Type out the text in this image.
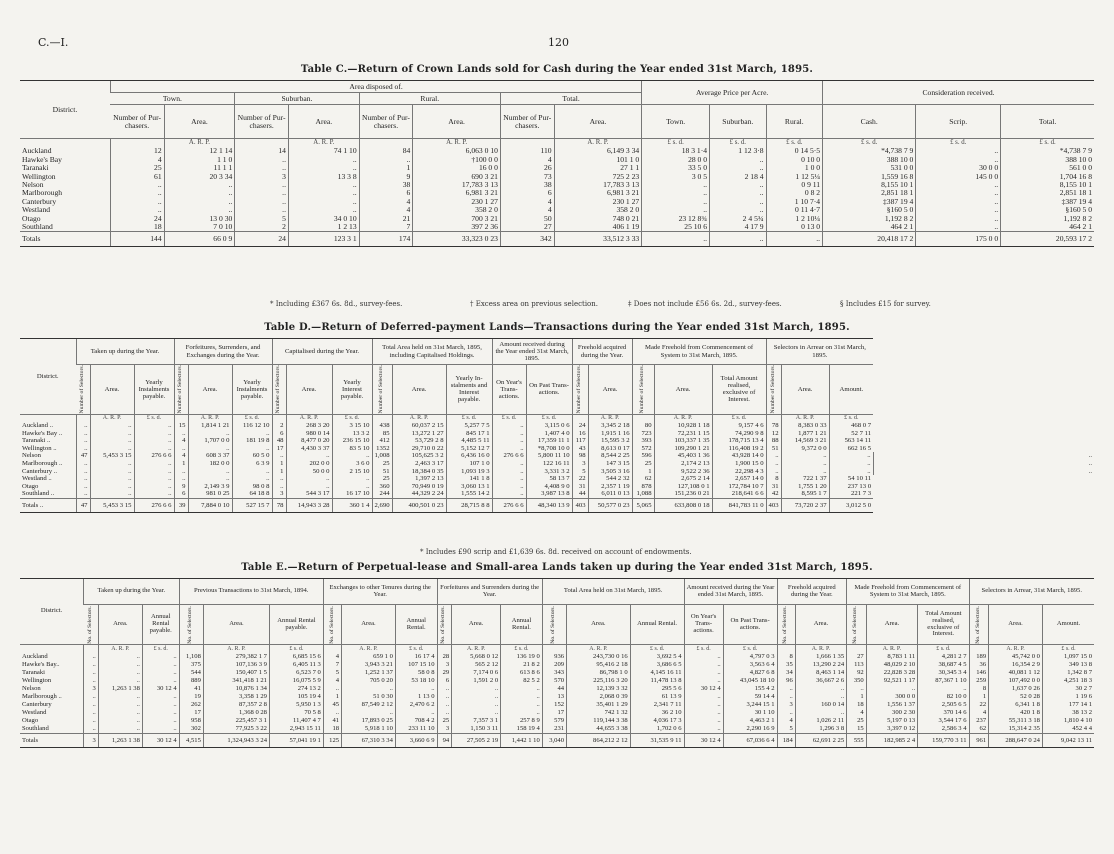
C.—I.	120
Table C.—Return of Crown Lands sold for Cash during the Year ended 31st March, 1895.
District.	Area disposed of.								Average Price per Acre.			Consideration received.		
	Town.		Suburban.		Rural.		Total.							
	Number of Pur-chasers.	Area.	Number of Pur-chasers.	Area.	Number of Pur-chasers.	Area.	Number of Pur-chasers.	Area.	Town.	Suburban.	Rural.	Cash.	Scrip.	Total.
		A. R. P.		A. R. P.		A. R. P.		A. R. P.	£ s. d.	£ s. d.	£ s. d.	£ s. d.	£ s. d.	£ s. d.
Auckland	12	12 1 14	14	74 1 10	84	6,063 0 10	110	6,149 3 34	18 3 1·4	1 12 3·8	0 14 5·5	*4,738 7 9	..	*4,738 7 9
Hawke's Bay	4	1 1 0	..	..	..	†100 0 0	4	101 1 0	28 0 0	..	0 10 0	388 10 0	..	388 10 0
Taranaki	25	11 1 1	..	..	1	16 0 0	26	27 1 1	33 5 0	..	1 0 0	531 0 0	30 0 0	561 0 0
Wellington	61	20 3 34	3	13 3 8	9	690 3 21	73	725 2 23	3 0 5	2 18 4	1 12 5¼	1,559 16 8	145 0 0	1,704 16 8
Nelson	..	..	..	..	38	17,783 3 13	38	17,783 3 13	..	..	0 9 11	8,155 10 1	..	8,155 10 1
Marlborough	..	..	..	..	6	6,981 3 21	6	6,981 3 21	..	..	0 8 2	2,851 18 1	..	2,851 18 1
Canterbury	..	..	..	..	4	230 1 27	4	230 1 27	..	..	1 10 7·4	‡387 19 4	..	‡387 19 4
Westland	..	..	..	..	4	358 2 0	4	358 2 0	..	..	0 11 4·7	§160 5 0	..	§160 5 0
Otago	24	13 0 30	5	34 0 10	21	700 3 21	50	748 0 21	23 12 8¾	2 4 5¾	1 2 10¼	1,192 8 2	..	1,192 8 2
Southland	18	7 0 10	2	1 2 13	7	397 2 36	27	406 1 19	25 10 6	4 17 9	0 13 0	464 2 1	..	464 2 1
Totals	144	66 0 9	24	123 3 1	174	33,323 0 23	342	33,512 3 33	..	..	..	20,418 17 2	175 0 0	20,593 17 2
* Including £367 6s. 8d., survey-fees.	† Excess area on previous selection.	‡ Does not include £56 6s. 2d., survey-fees.	§ Includes £15 for survey.
Table D.—Return of Deferred-payment Lands—Transactions during the Year ended 31st March, 1895.
District.	Taken up during the Year.			Forfeitures, Surrenders, and Exchanges during the Year.			Capitalised during the Year.			Total Area held on 31st March, 1895, including Capitalised Holdings.			Amount received during the Year ended 31st March, 1895.		Freehold acquired during the Year.		Made Freehold from Commencement of System to 31st March, 1895.			Selectors in Arrear on 31st March, 1895.			

	Number of Selectors.	Area.	Yearly Instalments payable.	Number of Selectors.	Area.	Yearly Instalments payable.	Number of Selectors.	Area.	Yearly Interest payable.	Number of Selectors.	Area.	Yearly In-stalments and Interest payable.	On Year's Trans-actions.	On Past Trans-actions.	Number of Selectors.	Area.	Number of Selectors.	Area.	Total Amount realised, exclusive of Interest.	Number of Selectors.	Area.	Amount.	
		A. R. P.	£ s. d.		A. R. P.	£ s. d.		A. R. P.	£ s. d.		A. R. P.	£ s. d.	£ s. d.	£ s. d.		A. R. P.		A. R. P.	£ s. d.		A. R. P.	£ s. d.	
Auckland ..	..	..	..	15	1,814 1 21	116 12 10	2	268 3 20	3 15 10	438	60,037 2 15	5,257 7 5	..	3,115 0 6	24	3,345 2 18	80	10,928 1 18	9,157 4 6	78	8,383 0 33	468 0 7	
Hawke's Bay ..	..	..	..	..	..	..	6	980 0 14	13 3 2	85	13,272 1 27	845 17 1	..	1,407 4 0	16	1,915 1 16	723	72,231 1 15	74,290 9 8	12	1,877 1 21	52 7 11	
Taranaki ..	..	..	..	4	1,707 0 0	181 19 8	48	8,477 0 20	236 15 10	412	53,729 2 8	4,485 5 11	..	17,359 11 1	117	15,595 3 2	393	103,337 1 35	178,715 13 4	88	14,569 3 21	563 14 11	
Wellington ..	..	..	..	..	..	..	17	4,430 3 37	83 5 10	1352	29,710 0 22	5,152 12 7	..	*8,708 10 0	43	8,613 0 17	572	109,290 1 21	116,408 19 2	51	9,372 0 0	662 16 5	
Nelson	47	5,453 3 15	276 6 6	4	608 3 37	60 5 0	..	..	..	1,008	105,625 3 2	6,436 16 0	276 6 6	5,800 11 10	98	8,544 2 25	596	45,403 1 36	43,928 14 0	..	..	..	..
Marlborough ..	..	..	..	1	182 0 0	6 3 9	1	202 0 0	3 6 0	25	2,463 3 17	107 1 0	..	122 16 11	3	147 3 15	25	2,174 2 13	1,900 15 0	..	..	..	..
Canterbury ..	..	..	..	..	..	..	1	50 0 0	2 15 10	51	18,384 0 35	1,093 19 3	..	3,331 3 2	5	3,505 3 16	1	9,522 2 36	22,298 4 3	..	..	..	..
Westland ..	..	..	..	..	..	..	..	..	..	25	1,397 2 13	141 1 8	..	58 13 7	22	544 2 32	62	2,675 2 14	2,657 14 0	8	722 1 37	54 10 11	
Otago	..	..	..	9	2,149 3 9	98 0 8	..	..	..	360	70,949 0 19	3,060 13 1	..	4,408 9 0	31	2,357 1 19	878	127,108 0 1	172,784 10 7	31	1,755 1 20	237 13 0	
Southland ..	..	..	..	6	981 0 25	64 18 8	3	544 3 17	16 17 10	244	44,329 2 24	1,555 14 2	..	3,987 13 8	44	6,011 0 13	1,088	151,236 0 21	218,641 6 6	42	8,595 1 7	221 7 3	
Totals ..	47	5,453 3 15	276 6 6	39	7,884 0 10	527 15 7	78	14,943 3 28	360 1 4	2,690	400,501 0 23	28,715 8 8	276 6 6	48,340 13 9	403	50,577 0 23	5,065	633,808 0 18	841,783 11 0	403	73,720 2 37	3,012 5 0	
* Includes £90 scrip and £1,639 6s. 8d. received on account of endowments.
Table E.—Return of Perpetual-lease and Small-area Lands taken up during the Year ended 31st March, 1895.
District.	Taken up during the Year.			Previous Transactions to 31st March, 1894.			Exchanges to other Tenures during the Year.			Forfeitures and Surrenders during the Year.			Total Area held on 31st March, 1895.			Amount received during the Year ended 31st March, 1895.		Freehold acquired during the Year.		Made Freehold from Commencement of System to 31st March, 1895.			Selectors in Arrear, 31st March, 1895.		

	No. of Selectors.	Area.	Annual Rental payable.	No. of Selectors.	Area.	Annual Rental payable.	No. of Selectors.	Area.	Annual Rental.	No. of Selectors.	Area.	Annual Rental.	No. of Selectors.	Area.	Annual Rental.	On Year's Trans-actions.	On Past Trans-actions.	No. of Selectors.	Area.	No. of Selectors.	Area.	Total Amount realised, exclusive of Interest.	No. of Selectors.	Area.	Amount.
		A. R. P.	£ s. d.		A. R. P.	£ s. d.		A. R. P.	£ s. d.		A. R. P.	£ s. d.		A. R. P.	£ s. d.	£ s. d.	£ s. d.		A. R. P.		A. R. P.	£ s. d.		A. R. P.	£ s. d.
Auckland	..	..	..	1,108	279,382 1 7	6,685 15 6	4	659 1 0	16 17 4	28	5,668 0 12	136 19 0	936	243,730 0 16	3,692 5 4	..	4,797 0 3	8	1,666 1 35	27	8,783 1 11	4,281 2 7	189	45,742 0 0	1,097 15 0
Hawke's Bay..	..	..	..	375	107,136 3 9	6,405 11 3	7	3,943 3 21	107 15 10	3	565 2 12	21 8 2	209	95,416 2 18	3,686 6 5	..	3,563 6 4	35	13,290 2 24	113	48,029 2 10	38,687 4 5	36	16,354 2 9	349 13 8
Taranaki	..	..	..	544	150,407 1 5	6,523 7 0	5	1,252 1 37	58 0 8	29	7,174 0 6	613 8 6	343	86,798 1 0	4,145 16 11	..	4,827 6 8	34	8,463 1 14	92	22,828 3 28	30,345 3 4	146	40,081 1 12	1,342 8 7
Wellington	..	..	..	889	341,418 1 21	16,075 5 9	4	705 0 20	53 18 10	6	1,591 2 0	82 5 2	570	225,116 3 20	11,478 13 8	..	43,045 18 10	96	36,667 2 6	350	92,521 1 17	87,367 1 10	259	107,492 0 0	4,251 18 3
Nelson	3	1,263 1 38	30 12 4	41	10,876 1 34	274 13 2	..	..	..	..	..	..	44	12,139 3 32	295 5 6	30 12 4	155 4 2	..	..	..	..	..	8	1,637 0 26	30 2 7
Marlborough ..	..	..	..	19	3,358 1 29	105 19 4	1	51 0 30	1 13 0	..	..	..	13	2,068 0 39	61 13 9	..	59 14 4	..	..	1	300 0 0	82 10 0	1	52 0 28	1 19 6
Canterbury	..	..	..	262	87,357 2 8	5,950 1 3	45	87,549 2 12	2,470 6 2	..	..	..	152	35,401 1 29	2,341 7 11	..	3,244 15 1	3	160 0 14	18	1,556 1 37	2,505 6 5	22	6,341 1 8	177 14 1
Westland	..	..	..	17	1,368 0 28	70 5 8	..	..	..	..	..	..	17	742 1 32	36 2 10	..	30 1 10	..	..	4	300 2 30	370 14 6	4	420 1 8	38 13 2
Otago	..	..	..	958	225,457 3 1	11,407 4 7	41	17,893 0 25	708 4 2	25	7,357 3 1	257 8 9	579	119,144 3 38	4,036 17 3	..	4,463 2 1	4	1,026 2 11	25	5,197 0 13	3,544 17 6	237	55,311 3 18	1,810 4 10
Southland	..	..	..	302	77,925 3 22	2,943 15 11	18	5,918 1 10	233 11 10	3	1,150 3 11	158 19 4	231	44,655 3 38	1,702 0 6	..	2,290 16 9	5	1,296 3 8	15	3,397 0 12	2,586 3 4	62	15,314 2 35	452 4 4
Totals	3	1,263 1 38	30 12 4	4,515	1,324,943 3 24	57,041 19 1	125	67,310 3 34	3,660 6 9	94	27,505 2 19	1,442 1 10	3,040	864,212 2 12	31,535 9 11	30 12 4	67,036 6 4	184	62,691 2 25	555	182,985 2 4	159,770 3 11	961	288,647 0 24	9,042 13 11
